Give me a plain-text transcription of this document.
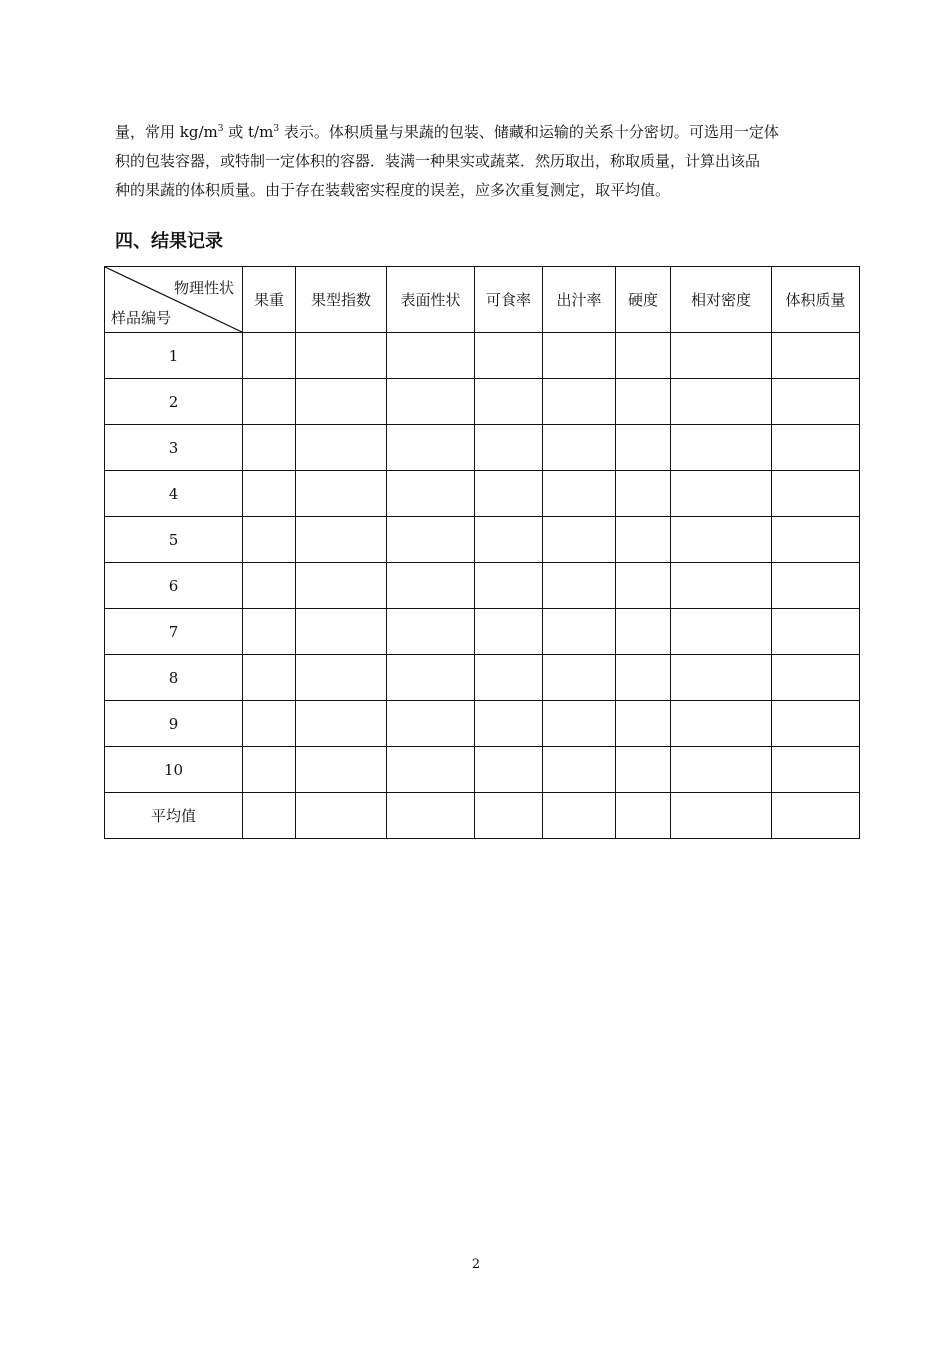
量，常用 $kg/m^3$ 或 $t/m^3$ 表示。体积质量与果蔬的包装、储藏和运输的关系十分密切。可选用一定体

积的包装容器，或特制一定体积的容器．装满一种果实或蔬菜．然历取出，称取质量，计算出该品

种的果蔬的体积质量。由于存在装载密实程度的误差，应多次重复测定，取平均值。

四、结果记录
物理性状
样品编号	果重	果型指数	表面性状	可食率	出汁率	硬度	相对密度	体积质量
1								
2								
3								
4								
5								
6								
7								
8								
9								
10								
平均值								
2
